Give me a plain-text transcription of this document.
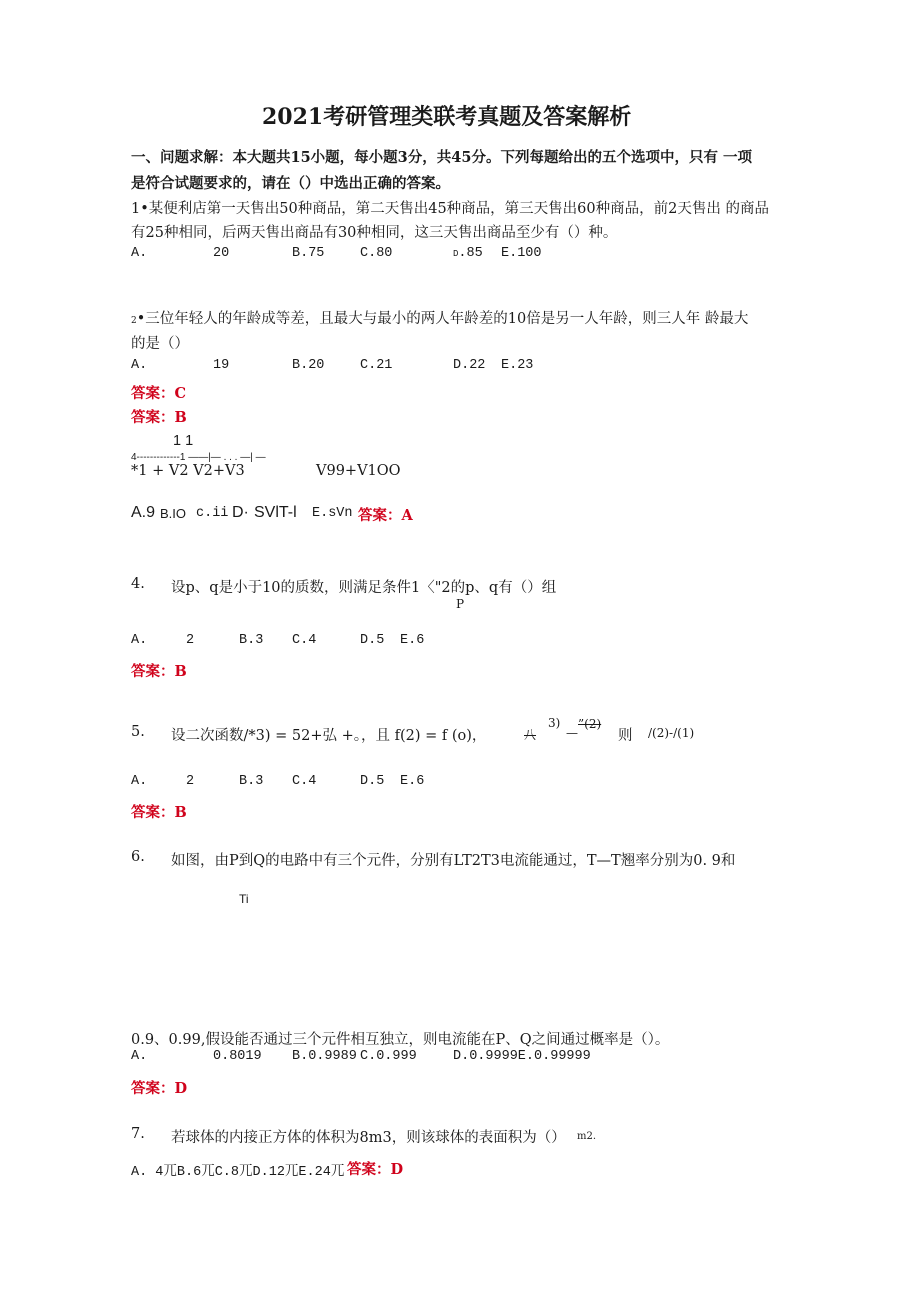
2021考研管理类联考真题及答案解析
一、问题求解：本大题共15小题，每小题3分，共45分。下列每题给出的五个选项中，只有 一项
是符合试题要求的，请在（）中选出正确的答案。
1•某便利店第一天售出50种商品，第二天售出45种商品，第三天售出60种商品，前2天售出 的商品
有25种相同，后两天售出商品有30种相同，这三天售出商品至少有（）种。
A.	20	B.75	C.80	D.85 E.100
2•三位年轻人的年龄成等差，且最大与最小的两人年龄差的10倍是另一人年龄，则三人年 龄最大
的是（）
A.	19	B.20	C.21	D.22 E.23
答案：C
答案：B
1 1
4-------------1 ——|— . . . —| —
*1 + V2 V2+V3	V99+V1OO
A.9 B.IO c.ii D· SVlT-l E.sVn 答案：A
4. 设p、q是小于10的质数，则满足条件1〈"2的p、q有（）组
P
A.	2	B.3 C.4	D.5 E.6
答案：B
5. 设二次函数/*3) = 52+弘 +。，且 f(2) = f (o)，	八
3)
—
”(2)
则 /(2)-/(1)
A.	2	B.3 C.4	D.5 E.6
答案：B
6. 如图，由P到Q的电路中有三个元件，分别有LT2T3电流能通过，T—T翘率分别为0. 9和
Ti
0.9、0.99,假设能否通过三个元件相互独立，则电流能在P、Q之间通过概率是（）。
A.	0.8019 B.0.9989 C.0.999	D.0.9999E.0.99999
答案：D
7. 若球体的内接正方体的体积为8m3，则该球体的表面积为（） m2.
A. 4兀B.6兀C.8兀D.12兀E.24兀 答案：D
